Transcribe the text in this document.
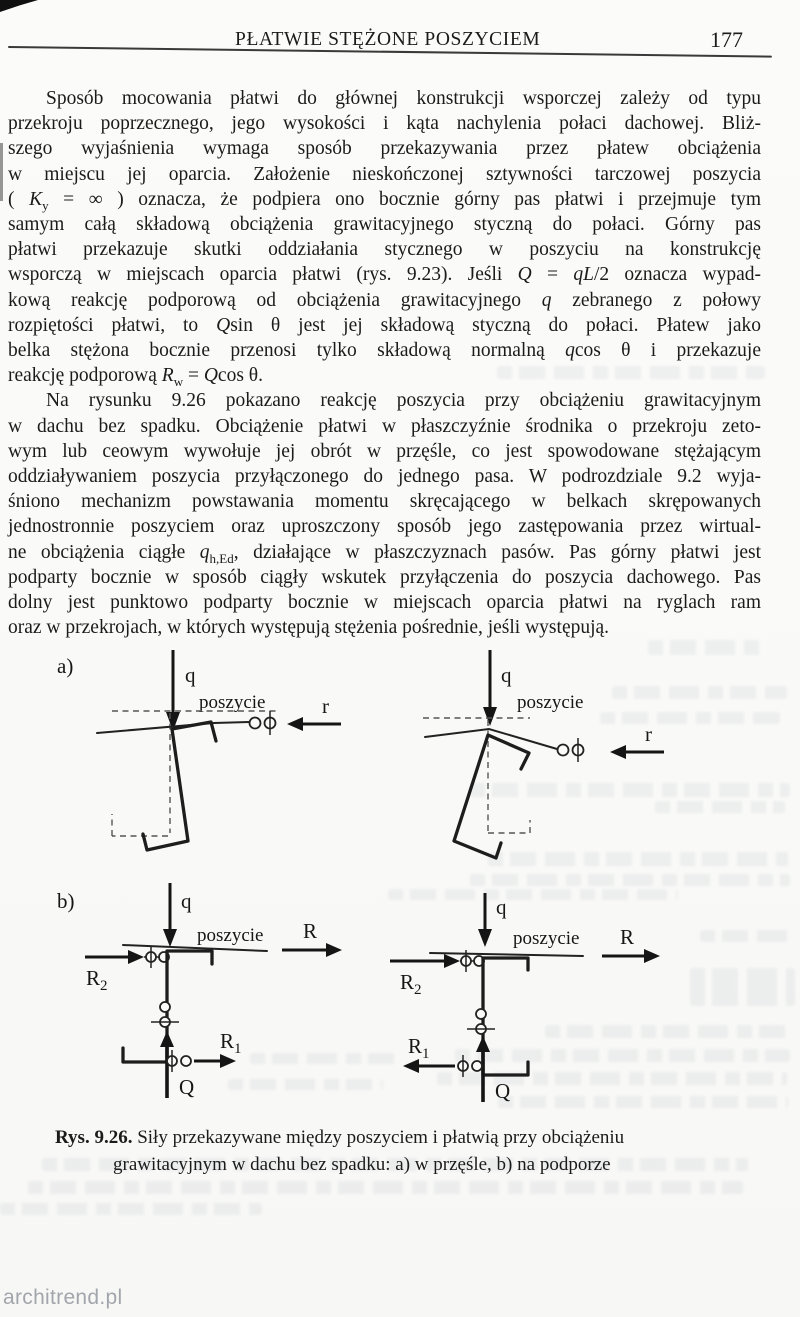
PŁATWIE STĘŻONE POSZYCIEM	177
Sposób mocowania płatwi do głównej konstrukcji wsporczej zależy od typu
przekroju poprzecznego, jego wysokości i kąta nachylenia połaci dachowej. Bliż-
szego wyjaśnienia wymaga sposób przekazywania przez płatew obciążenia
w miejscu jej oparcia. Założenie nieskończonej sztywności tarczowej poszycia
( $K_y$ = ∞ ) oznacza, że podpiera ono bocznie górny pas płatwi i przejmuje tym
samym całą składową obciążenia grawitacyjnego styczną do połaci. Górny pas
płatwi przekazuje skutki oddziałania stycznego w poszyciu na konstrukcję
wsporczą w miejscach oparcia płatwi (rys. 9.23). Jeśli Q = qL/2 oznacza wypad-
kową reakcję podporową od obciążenia grawitacyjnego q zebranego z połowy
rozpiętości płatwi, to Qsin θ jest jej składową styczną do połaci. Płatew jako
belka stężona bocznie przenosi tylko składową normalną qcos θ i przekazuje
reakcję podporową $R_w = Qcos$ θ.
Na rysunku 9.26 pokazano reakcję poszycia przy obciążeniu grawitacyjnym
w dachu bez spadku. Obciążenie płatwi w płaszczyźnie środnika o przekroju zeto-
wym lub ceowym wywołuje jej obrót w przęśle, co jest spowodowane stężającym
oddziaływaniem poszycia przyłączonego do jednego pasa. W podrozdziale 9.2 wyja-
śniono mechanizm powstawania momentu skręcającego w belkach skrępowanych
jednostronnie poszyciem oraz uproszczony sposób jego zastępowania przez wirtual-
ne obciążenia ciągłe $q_{h,Ed}$, działające w płaszczyznach pasów. Pas górny płatwi jest
podparty bocznie w sposób ciągły wskutek przyłączenia do poszycia dachowego. Pas
dolny jest punktowo podparty bocznie w miejscach oparcia płatwi na ryglach ram
oraz w przekrojach, w których występują stężenia pośrednie, jeśli występują.
a)	q
poszycie	r
q
poszycie
r
b)	q
poszycie R
$R_2$
Q
$R_1$
q
poszycie R
$R_2$
Q
$R_1$
Rys. 9.26. Siły przekazywane między poszyciem i płatwią przy obciążeniu
grawitacyjnym w dachu bez spadku: a) w przęśle, b) na podporze
architrend.pl
